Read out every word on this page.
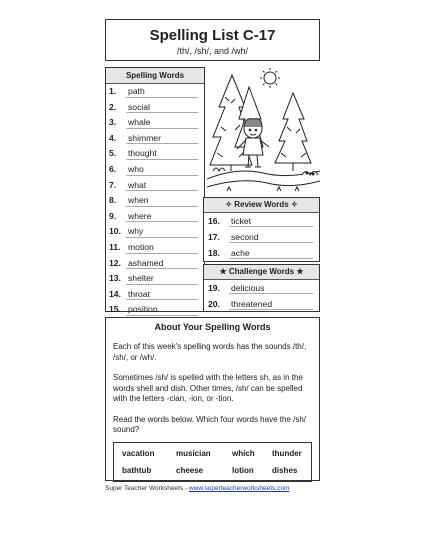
Spelling List C-17
/th/, /sh/, and /wh/
Spelling Words
1. path
2. social
3. whale
4. shimmer
5. thought
6. who
7. what
8. when
9. where
10. why
11. motion
12. ashamed
13. shelter
14. throat
15. position
✧ Review Words ✧
16. ticket
17. second
18. ache
★ Challenge Words ★
19. delicious
20. threatened
About Your Spelling Words
Each of this week's spelling words has the sounds /th/, /sh/, or /wh/.
Sometimes /sh/ is spelled with the letters sh, as in the words shell and dish. Other times, /sh/ can be spelled with the letters -cian, -ion, or -tion.
Read the words below. Which four words have the /sh/ sound?
vacation	musician	which thunder
bathtub	cheese	lotion dishes
Super Teacher Worksheets - www.superteacherworksheets.com
